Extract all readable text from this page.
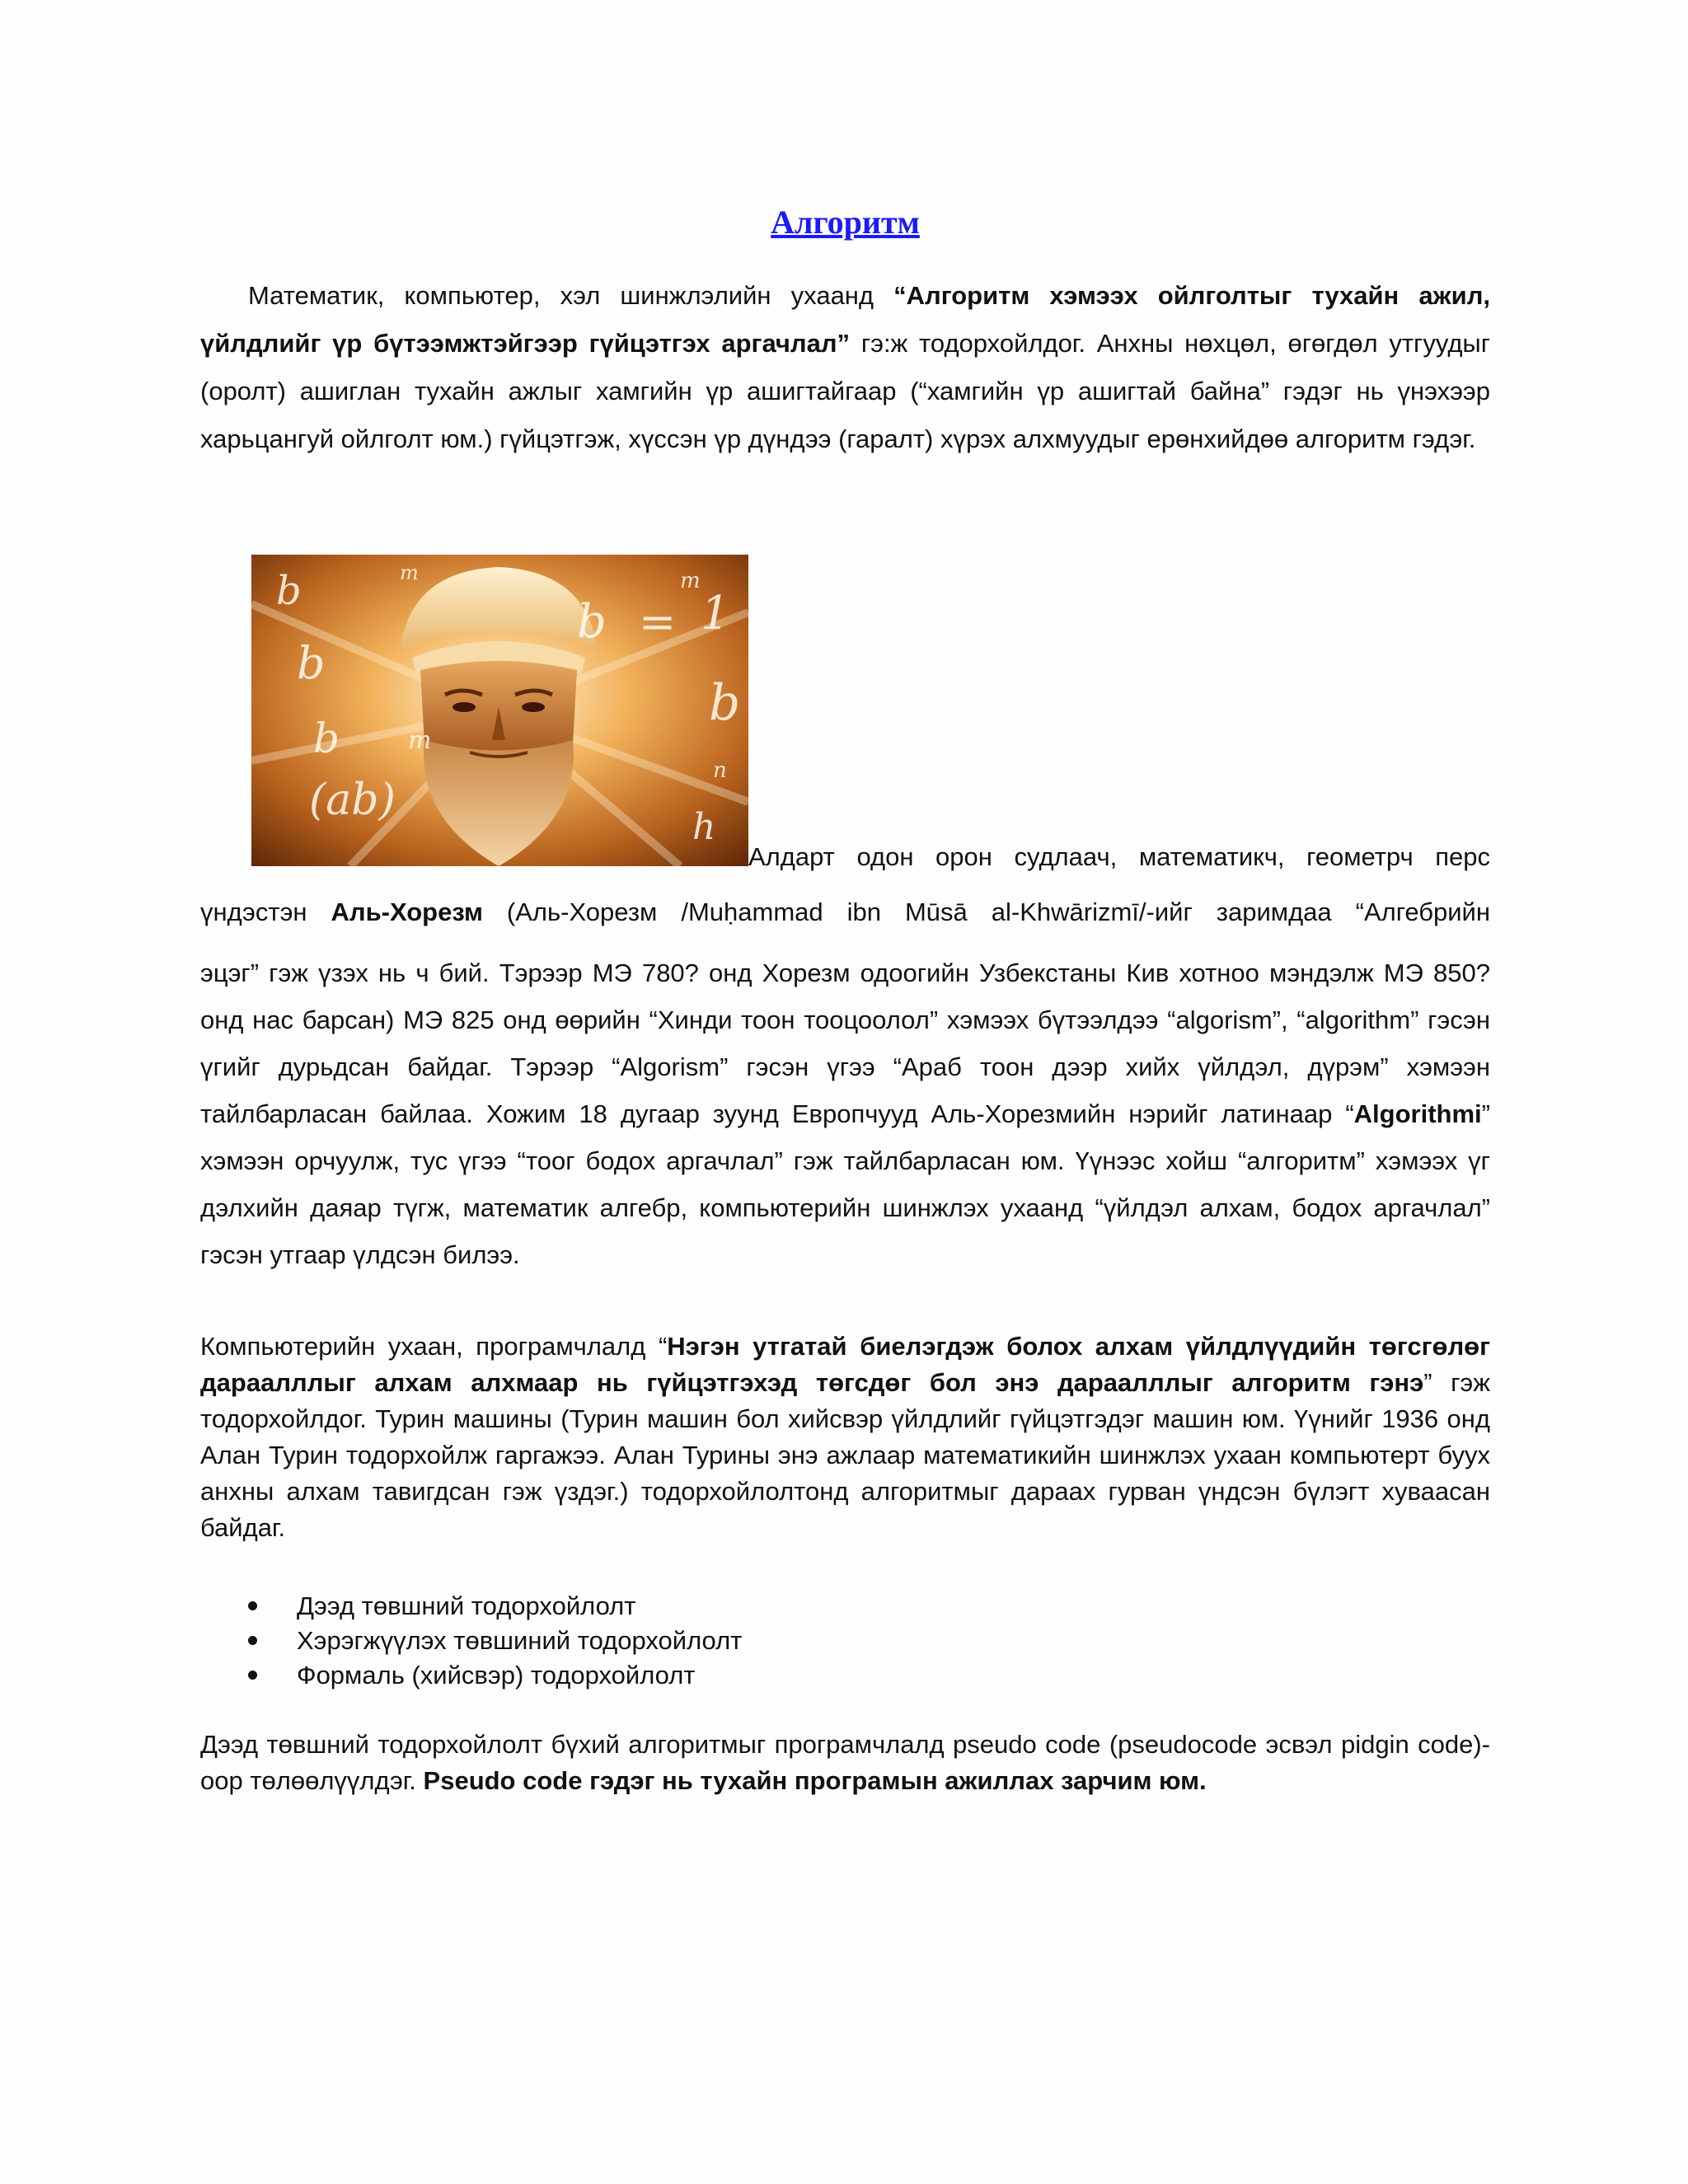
Алгоритм

Математик, компьютер, хэл шинжлэлийн ухаанд “Алгоритм хэмээх ойлголтыг тухайн ажил, үйлдлийг үр бүтээмжтэйгээр гүйцэтгэх аргачлал” гэ:ж тодорхойлдог. Анхны нөхцөл, өгөгдөл утгуудыг (оролт) ашиглан тухайн ажлыг хамгийн үр ашигтайгаар (“хамгийн үр ашигтай байна” гэдэг нь үнэхээр харьцангуй ойлголт юм.) гүйцэтгэж, хүссэн үр дүндээ (гаралт) хүрэх алхмуудыг ерөнхийдөө алгоритм гэдэг.

b
b
b
b
= 1
b	m
m
n
(ab)
m
h
Алдарт одон орон судлаач, математикч, геометрч перс
үндэстэн Аль-Хорезм (Аль-Хорезм /Muḥammad ibn Mūsā al-Khwārizmī/-ийг заримдаа “Алгебрийн
эцэг” гэж үзэх нь ч бий. Тэрээр МЭ 780? онд Хорезм одоогийн Узбекстаны Кив хотноо мэндэлж МЭ 850? онд нас барсан) МЭ 825 онд өөрийн “Хинди тоон тооцоолол” хэмээх бүтээлдээ “algorism”, “algorithm” гэсэн үгийг дурьдсан байдаг. Тэрээр “Algorism” гэсэн үгээ “Араб тоон дээр хийх үйлдэл, дүрэм” хэмээн тайлбарласан байлаа. Хожим 18 дугаар зуунд Европчууд Аль-Хорезмийн нэрийг латинаар “Algorithmi” хэмээн орчуулж, тус үгээ “тоог бодох аргачлал” гэж тайлбарласан юм. Үүнээс хойш “алгоритм” хэмээх үг дэлхийн даяар түгж, математик алгебр, компьютерийн шинжлэх ухаанд “үйлдэл алхам, бодох аргачлал” гэсэн утгаар үлдсэн билээ.

Компьютерийн ухаан, програмчлалд “Нэгэн утгатай биелэгдэж болох алхам үйлдлүүдийн төгсгөлөг дараалллыг алхам алхмаар нь гүйцэтгэхэд төгсдөг бол энэ дараалллыг алгоритм гэнэ” гэж тодорхойлдог. Турин машины (Турин машин бол хийсвэр үйлдлийг гүйцэтгэдэг машин юм. Үүнийг 1936 онд Алан Турин тодорхойлж гаргажээ. Алан Турины энэ ажлаар математикийн шинжлэх ухаан компьютерт буух анхны алхам тавигдсан гэж үздэг.) тодорхойлолтонд алгоритмыг дараах гурван үндсэн бүлэгт хуваасан байдаг.

Дээд төвшний тодорхойлолт
Хэрэгжүүлэх төвшиний тодорхойлолт
Формаль (хийсвэр) тодорхойлолт

Дээд төвшний тодорхойлолт бүхий алгоритмыг програмчлалд pseudo code (pseudocode эсвэл pidgin code)-оор төлөөлүүлдэг. Pseudo code гэдэг нь тухайн програмын ажиллах зарчим юм.
